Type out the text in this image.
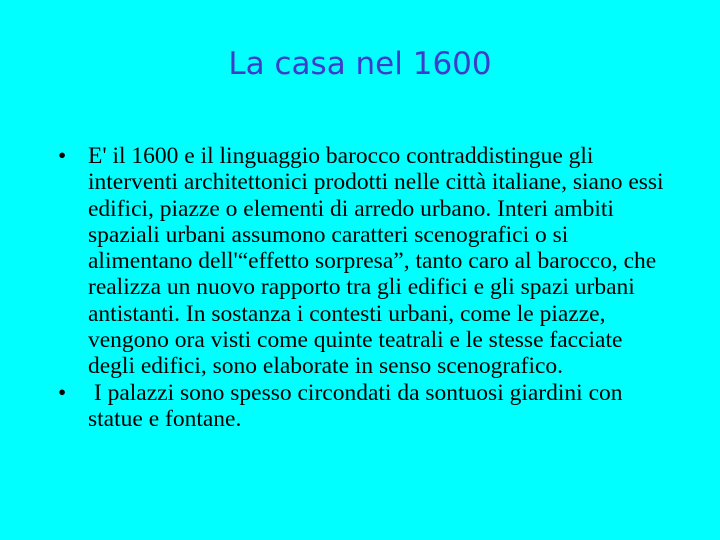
La casa nel 1600
• E' il 1600 e il linguaggio barocco contraddistingue gli interventi architettonici prodotti nelle città italiane, siano essi edifici, piazze o elementi di arredo urbano. Interi ambiti spaziali urbani assumono caratteri scenografici o si alimentano dell'“effetto sorpresa”, tanto caro al barocco, che realizza un nuovo rapporto tra gli edifici e gli spazi urbani antistanti. In sostanza i contesti urbani, come le piazze, vengono ora visti come quinte teatrali e le stesse facciate degli edifici, sono elaborate in senso scenografico.
• I palazzi sono spesso circondati da sontuosi giardini con statue e fontane.
